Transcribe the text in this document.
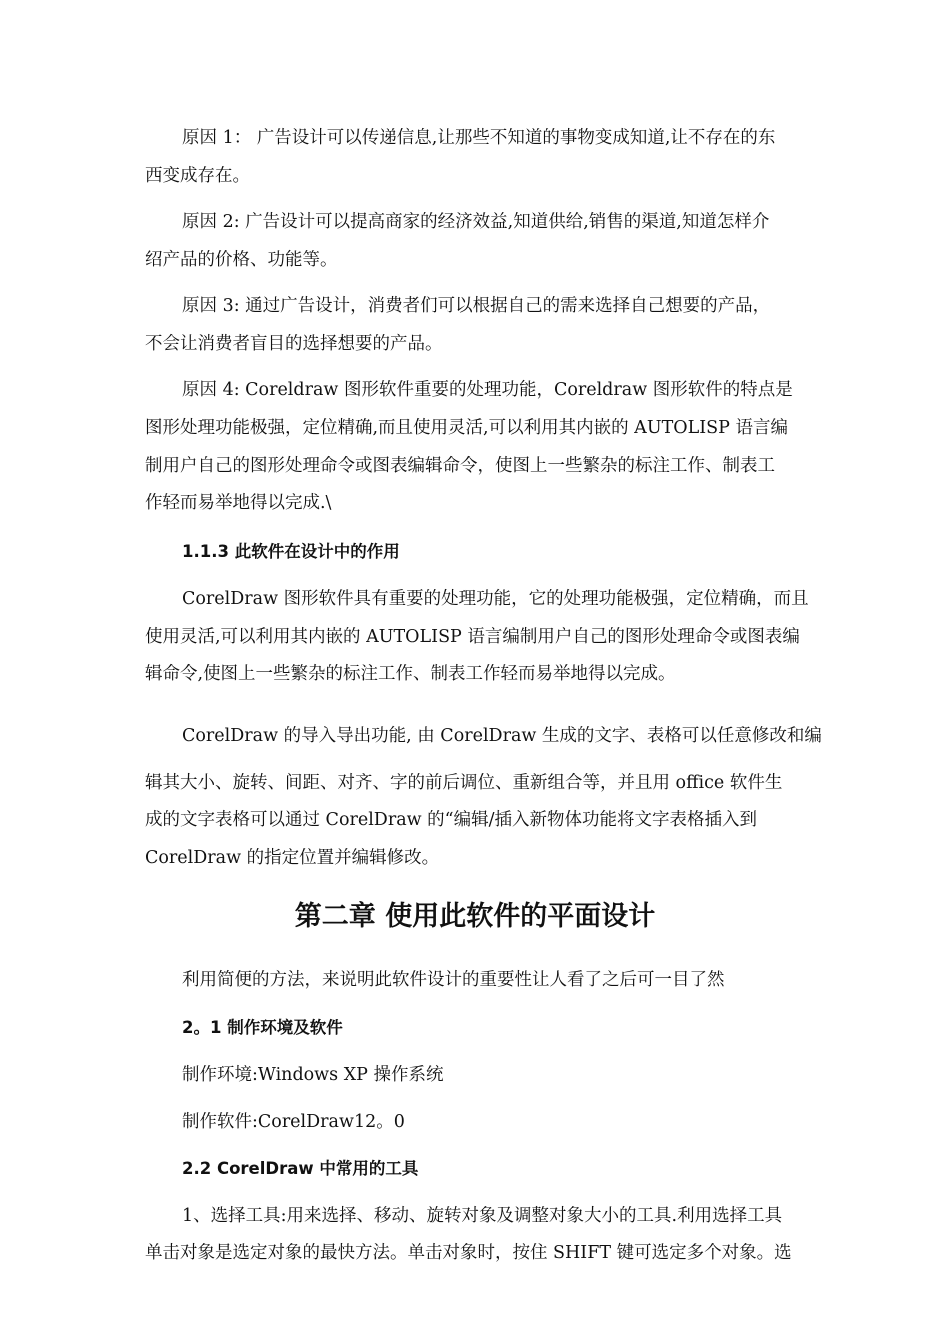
原因 1： 广告设计可以传递信息,让那些不知道的事物变成知道,让不存在的东
西变成存在。
原因 2: 广告设计可以提高商家的经济效益,知道供给,销售的渠道,知道怎样介
绍产品的价格、功能等。
原因 3: 通过广告设计，消费者们可以根据自己的需来选择自己想要的产品，
不会让消费者盲目的选择想要的产品。
原因 4: Coreldraw 图形软件重要的处理功能，Coreldraw 图形软件的特点是
图形处理功能极强，定位精确,而且使用灵活,可以利用其内嵌的 AUTOLISP 语言编
制用户自己的图形处理命令或图表编辑命令，使图上一些繁杂的标注工作、制表工
作轻而易举地得以完成.\
1.1.3 此软件在设计中的作用
CorelDraw 图形软件具有重要的处理功能，它的处理功能极强，定位精确，而且
使用灵活,可以利用其内嵌的 AUTOLISP 语言编制用户自己的图形处理命令或图表编
辑命令,使图上一些繁杂的标注工作、制表工作轻而易举地得以完成。
CorelDraw 的导入导出功能, 由 CorelDraw 生成的文字、表格可以任意修改和编
辑其大小、旋转、间距、对齐、字的前后调位、重新组合等，并且用 office 软件生
成的文字表格可以通过 CorelDraw 的“编辑/插入新物体功能将文字表格插入到
CorelDraw 的指定位置并编辑修改。
第二章 使用此软件的平面设计
利用简便的方法，来说明此软件设计的重要性让人看了之后可一目了然
2。1 制作环境及软件
制作环境:Windows XP 操作系统
制作软件:CorelDraw12。0
2.2 CorelDraw 中常用的工具
1、选择工具:用来选择、移动、旋转对象及调整对象大小的工具.利用选择工具
单击对象是选定对象的最快方法。单击对象时，按住 SHIFT 键可选定多个对象。选
